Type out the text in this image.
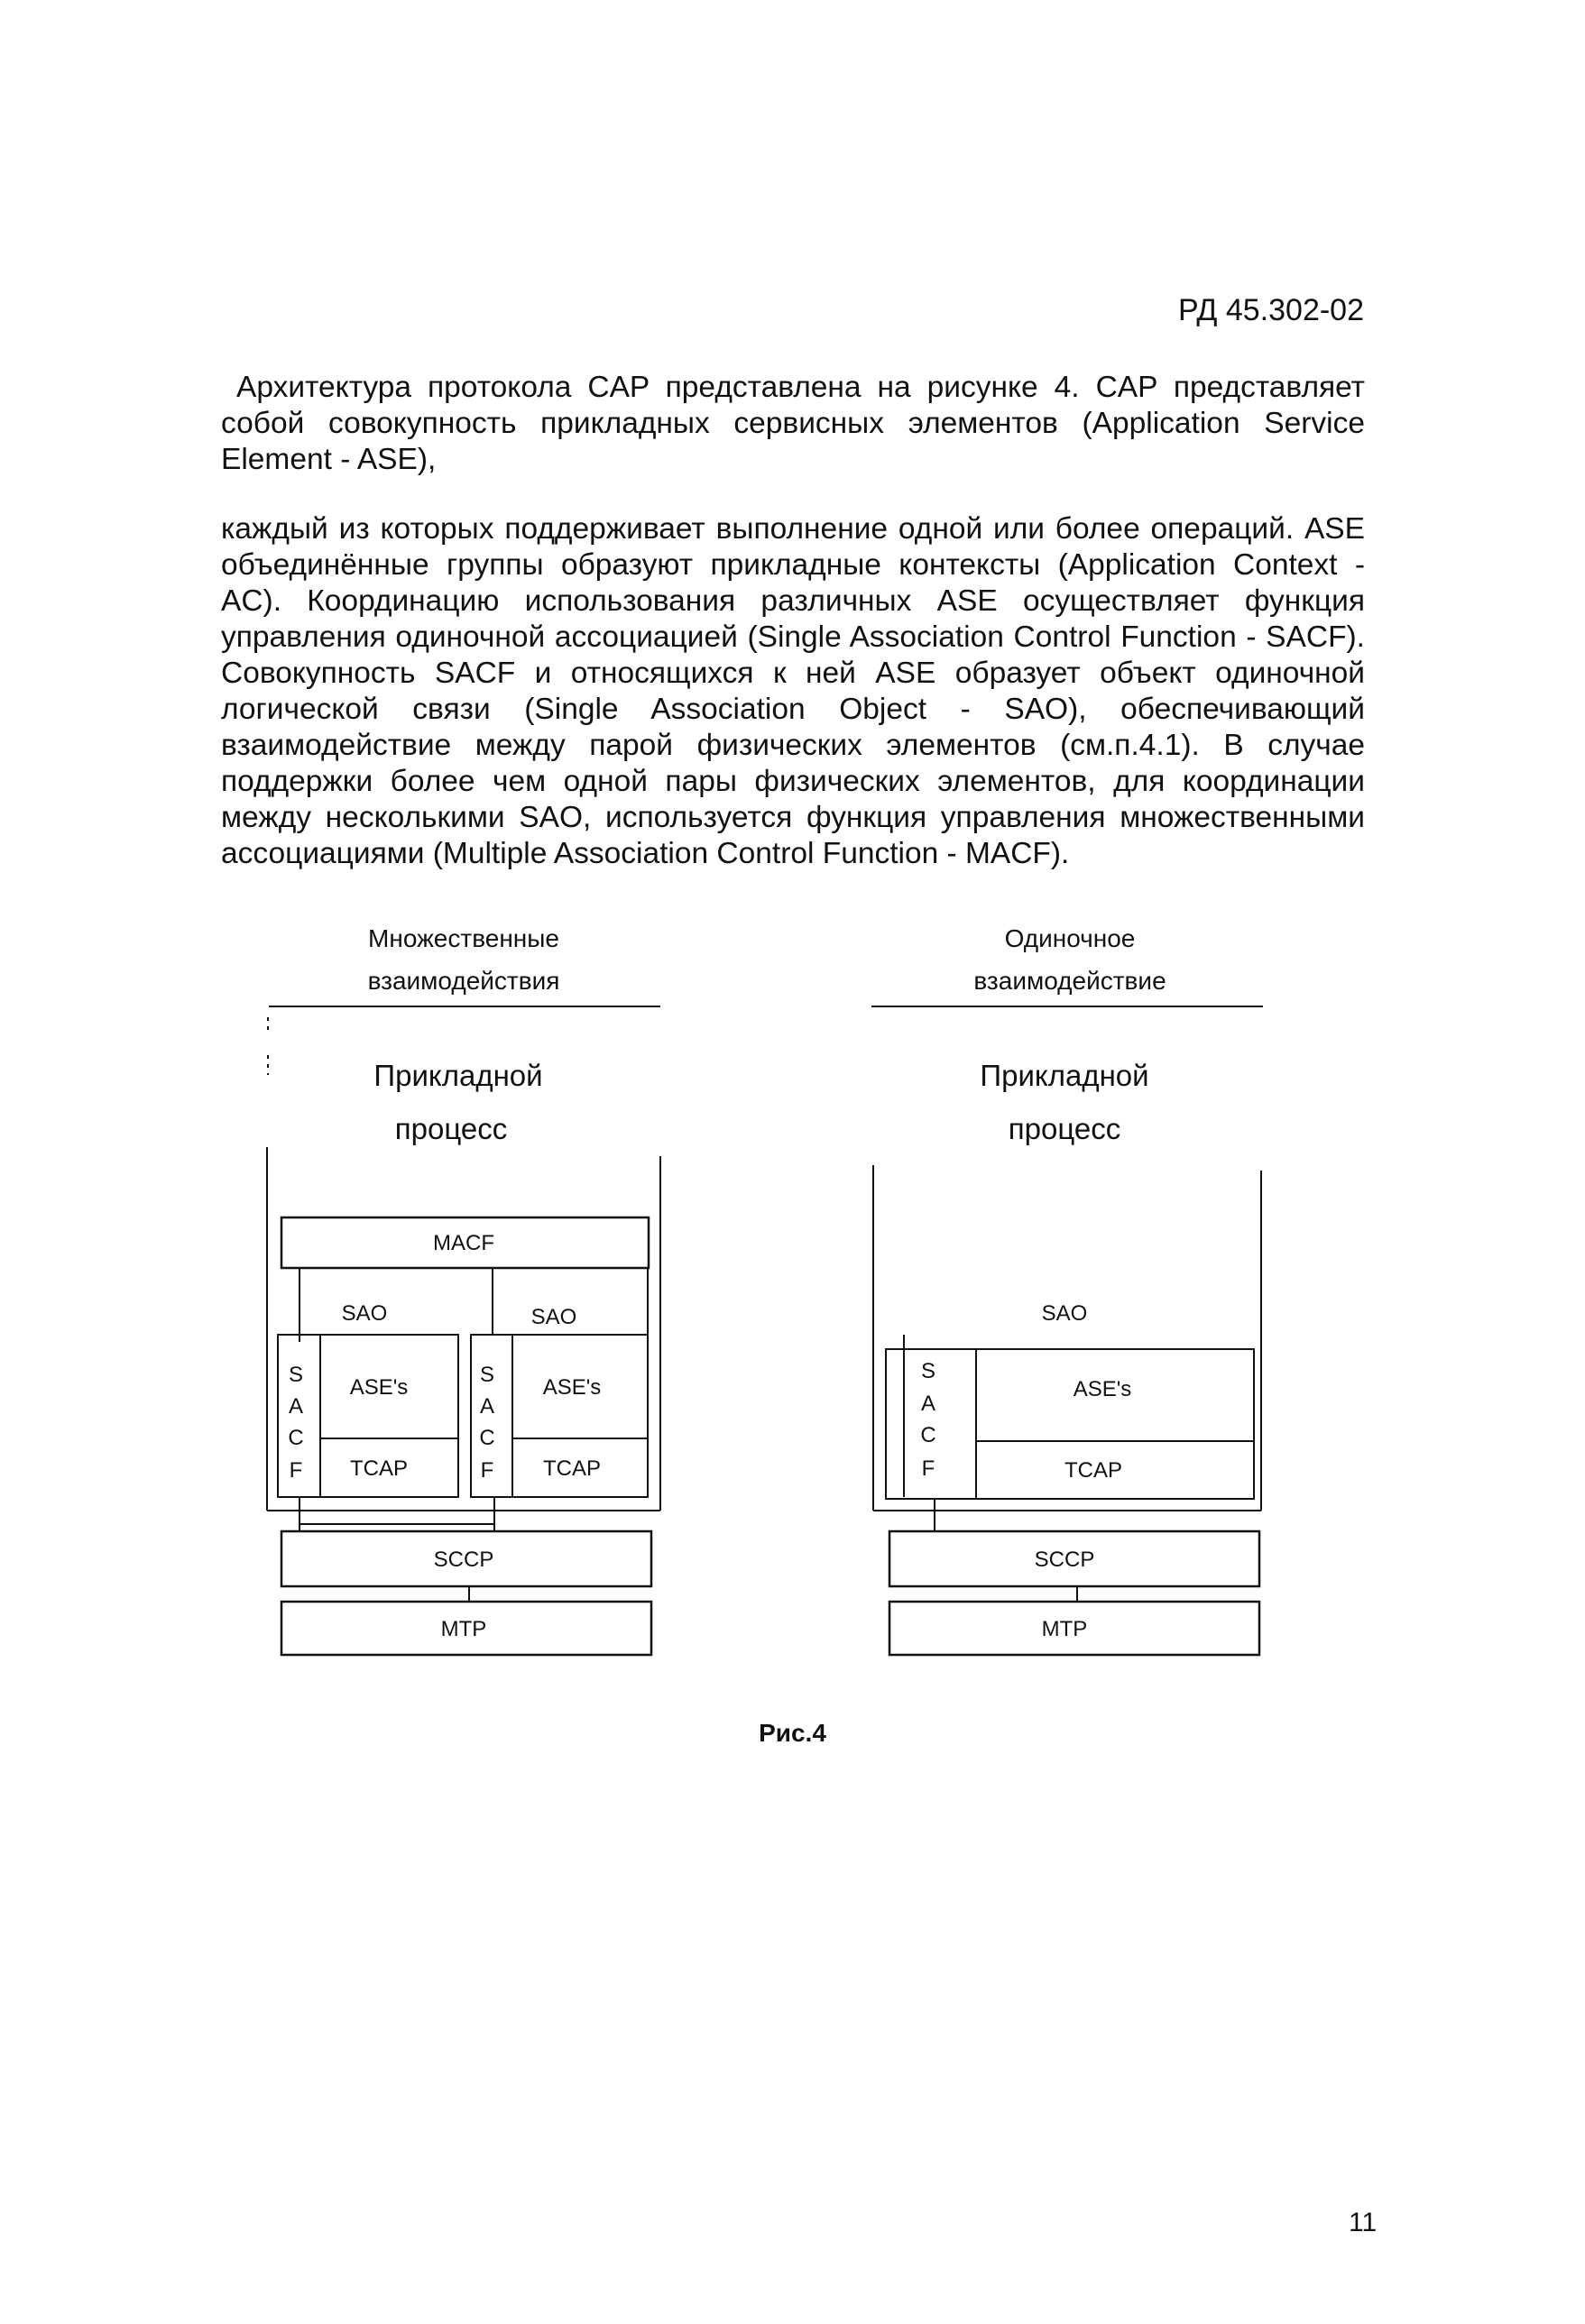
РД 45.302-02

Архитектура протокола CAP представлена на рисунке 4. CAP представляет собой совокупность прикладных сервисных элементов (Application Service Element - ASE),

каждый из которых поддерживает выполнение одной или более операций. ASE объединённые группы образуют прикладные контексты (Application Context - AC). Координацию использования различных ASE осуществляет функция управления одиночной ассоциацией (Single Association Control Function - SACF). Совокупность SACF и относящихся к ней ASE образует объект одиночной логической связи (Single Association Object - SAO), обеспечивающий взаимодействие между парой физических элементов (см.п.4.1). В случае поддержки более чем одной пары физических элементов, для координации между несколькими SAO, используется функция управления множественными ассоциациями (Multiple Association Control Function - MACF).

Множественные
взаимодействия
Прикладной
процесс
MACF
SAO	SAO
S
A
C
F
ASE's
TCAP
S
A
C
F
ASE's
TCAP
SCCP
MTP
Одиночное
взаимодействие
Прикладной
процесс
SAO
S
A
C
F
ASE's
TCAP
SCCP
MTP
Рис.4
11
